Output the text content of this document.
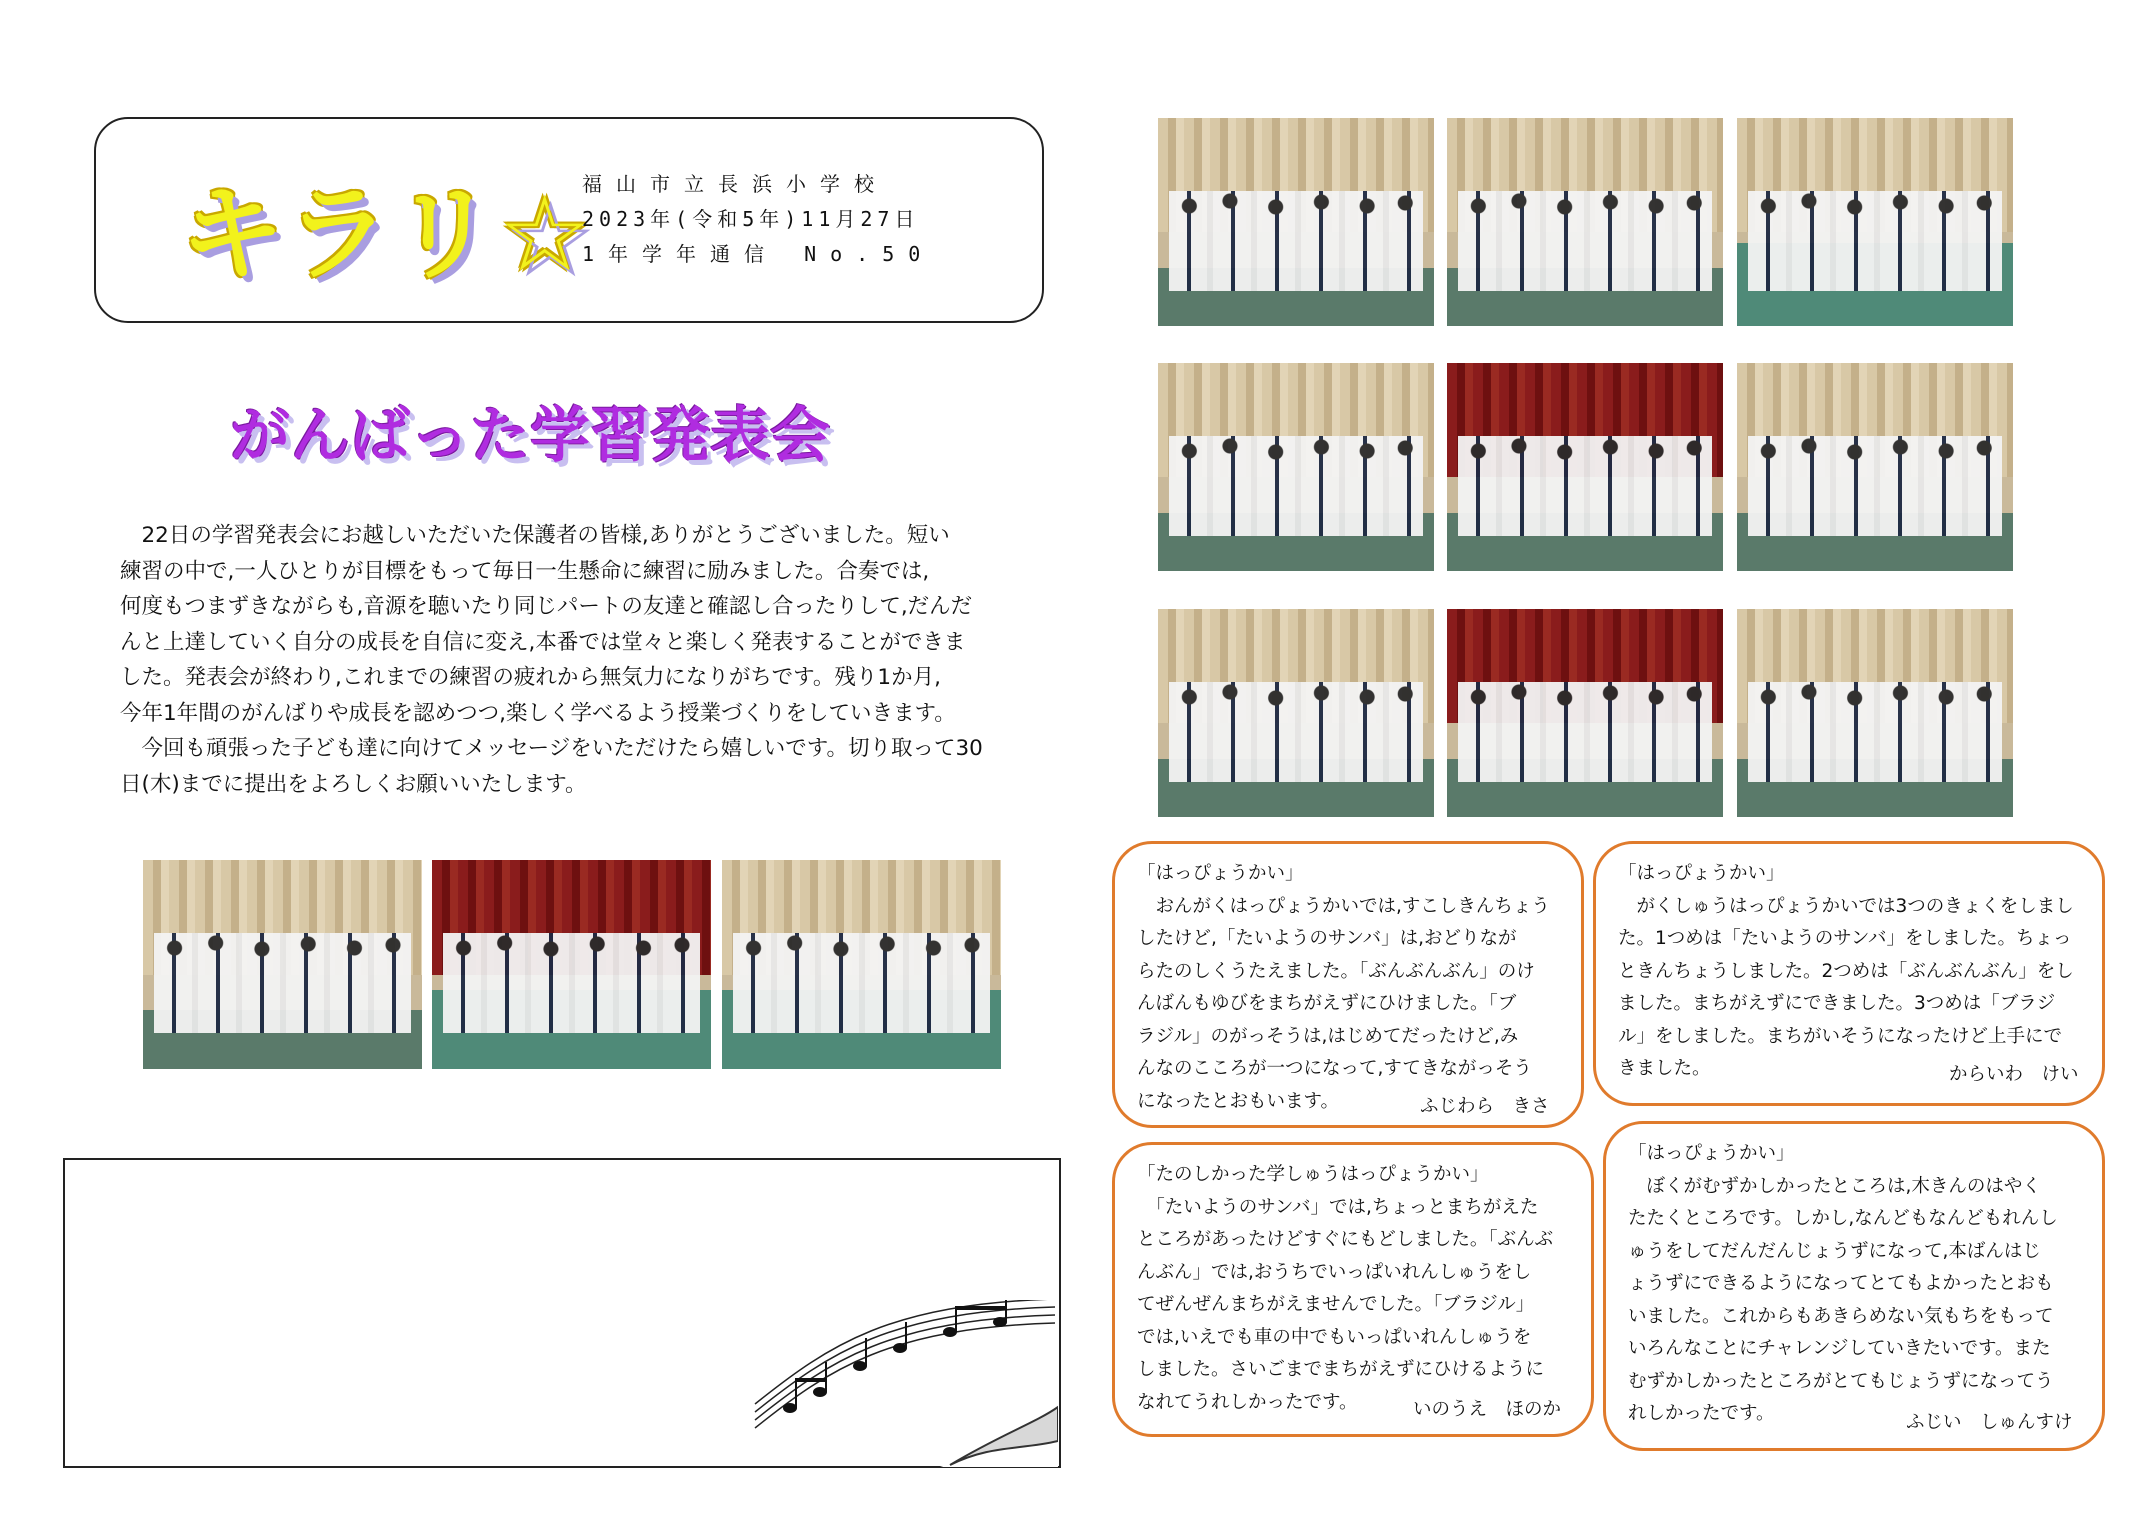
キラリ☆
福山市立長浜小学校
2023年(令和5年)11月27日
1年学年通信 No.50
がんばった学習発表会
　22日の学習発表会にお越しいただいた保護者の皆様,ありがとうございました。短い
練習の中で,一人ひとりが目標をもって毎日一生懸命に練習に励みました。合奏では,
何度もつまずきながらも,音源を聴いたり同じパートの友達と確認し合ったりして,だんだ
んと上達していく自分の成長を自信に変え,本番では堂々と楽しく発表することができま
した。発表会が終わり,これまでの練習の疲れから無気力になりがちです。残り1か月,
今年1年間のがんばりや成長を認めつつ,楽しく学べるよう授業づくりをしていきます。
　今回も頑張った子ども達に向けてメッセージをいただけたら嬉しいです。切り取って30
日(木)までに提出をよろしくお願いいたします。
「はっぴょうかい」
　おんがくはっぴょうかいでは,すこしきんちょう
したけど,「たいようのサンバ」は,おどりなが
らたのしくうたえました。「ぶんぶんぶん」のけ
んばんもゆびをまちがえずにひけました。「ブ
ラジル」のがっそうは,はじめてだったけど,み
んなのこころが一つになって,すてきながっそう
になったとおもいます。	ふじわら　きさ
「はっぴょうかい」
　がくしゅうはっぴょうかいでは3つのきょくをしまし
た。1つめは「たいようのサンバ」をしました。ちょっ
ときんちょうしました。2つめは「ぶんぶんぶん」をし
ました。まちがえずにできました。3つめは「ブラジ
ル」をしました。まちがいそうになったけど上手にで
きました。	からいわ　けい
「たのしかった学しゅうはっぴょうかい」
　「たいようのサンバ」では,ちょっとまちがえた
ところがあったけどすぐにもどしました。「ぶんぶ
んぶん」では,おうちでいっぱいれんしゅうをし
てぜんぜんまちがえませんでした。「ブラジル」
では,いえでも車の中でもいっぱいれんしゅうを
しました。さいごまでまちがえずにひけるように
なれてうれしかったです。	いのうえ　ほのか
「はっぴょうかい」
　ぼくがむずかしかったところは,木きんのはやく
たたくところです。しかし,なんどもなんどもれんし
ゅうをしてだんだんじょうずになって,本ばんはじ
ょうずにできるようになってとてもよかったとおも
いました。これからもあきらめない気もちをもって
いろんなことにチャレンジしていきたいです。また
むずかしかったところがとてもじょうずになってう
れしかったです。	ふじい　しゅんすけ
